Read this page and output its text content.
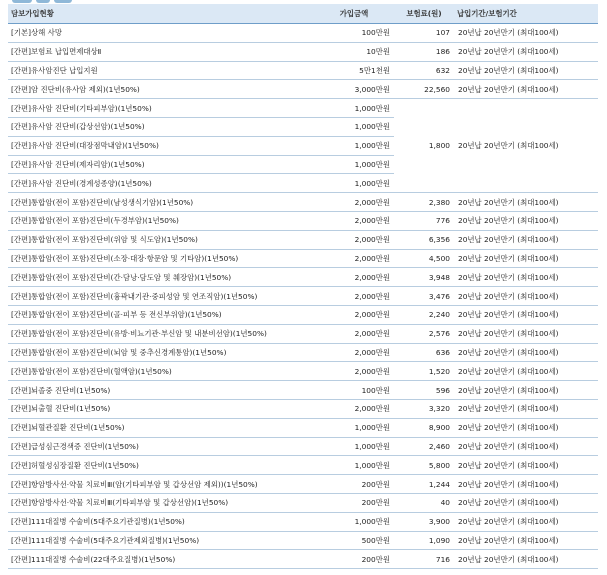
담보가입현황	가입금액	보험료(원)	납입기간/보험기간
[기본]상해 사망	100만원	107	20년납 20년만기 (최대100세)
[간편]보험료 납입면제대상Ⅱ	10만원	186	20년납 20년만기 (최대100세)
[간편]유사암진단 납입지원	5만1천원	632	20년납 20년만기 (최대100세)
[간편]암 진단비(유사암 제외)(1년50%)	3,000만원	22,560	20년납 20년만기 (최대100세)
[간편]유사암 진단비(기타피부암)(1년50%)	1,000만원	1,800	20년납 20년만기 (최대100세)
[간편]유사암 진단비(갑상선암)(1년50%)	1,000만원		
[간편]유사암 진단비(대장점막내암)(1년50%)	1,000만원		
[간편]유사암 진단비(제자리암)(1년50%)	1,000만원		
[간편]유사암 진단비(경계성종양)(1년50%)	1,000만원		
[간편]통합암(전이 포함)진단비(남성생식기암)(1년50%)	2,000만원	2,380	20년납 20년만기 (최대100세)
[간편]통합암(전이 포함)진단비(두경부암)(1년50%)	2,000만원	776	20년납 20년만기 (최대100세)
[간편]통합암(전이 포함)진단비(위암 및 식도암)(1년50%)	2,000만원	6,356	20년납 20년만기 (최대100세)
[간편]통합암(전이 포함)진단비(소장·대장·항문암 및 기타암)(1년50%)	2,000만원	4,500	20년납 20년만기 (최대100세)
[간편]통합암(전이 포함)진단비(간·담낭·담도암 및 췌장암)(1년50%)	2,000만원	3,948	20년납 20년만기 (최대100세)
[간편]통합암(전이 포함)진단비(흉곽내기관·중피성암 및 연조직암)(1년50%)	2,000만원	3,476	20년납 20년만기 (최대100세)
[간편]통합암(전이 포함)진단비(골·피부 등 전신부위암)(1년50%)	2,000만원	2,240	20년납 20년만기 (최대100세)
[간편]통합암(전이 포함)진단비(유방·비뇨기관·부신암 및 내분비선암)(1년50%)	2,000만원	2,576	20년납 20년만기 (최대100세)
[간편]통합암(전이 포함)진단비(뇌암 및 중추신경계통암)(1년50%)	2,000만원	636	20년납 20년만기 (최대100세)
[간편]통합암(전이 포함)진단비(혈액암)(1년50%)	2,000만원	1,520	20년납 20년만기 (최대100세)
[간편]뇌졸중 진단비(1년50%)	100만원	596	20년납 20년만기 (최대100세)
[간편]뇌출혈 진단비(1년50%)	2,000만원	3,320	20년납 20년만기 (최대100세)
[간편]뇌혈관질환 진단비(1년50%)	1,000만원	8,900	20년납 20년만기 (최대100세)
[간편]급성심근경색증 진단비(1년50%)	1,000만원	2,460	20년납 20년만기 (최대100세)
[간편]허혈성심장질환 진단비(1년50%)	1,000만원	5,800	20년납 20년만기 (최대100세)
[간편]항암방사선·약물 치료비Ⅲ(암(기타피부암 및 갑상선암 제외))(1년50%)	200만원	1,244	20년납 20년만기 (최대100세)
[간편]항암방사선·약물 치료비Ⅲ(기타피부암 및 갑상선암)(1년50%)	200만원	40	20년납 20년만기 (최대100세)
[간편]111대질병 수술비(5대주요기관질병)(1년50%)	1,000만원	3,900	20년납 20년만기 (최대100세)
[간편]111대질병 수술비(5대주요기관제외질병)(1년50%)	500만원	1,090	20년납 20년만기 (최대100세)
[간편]111대질병 수술비(22대주요질병)(1년50%)	200만원	716	20년납 20년만기 (최대100세)
